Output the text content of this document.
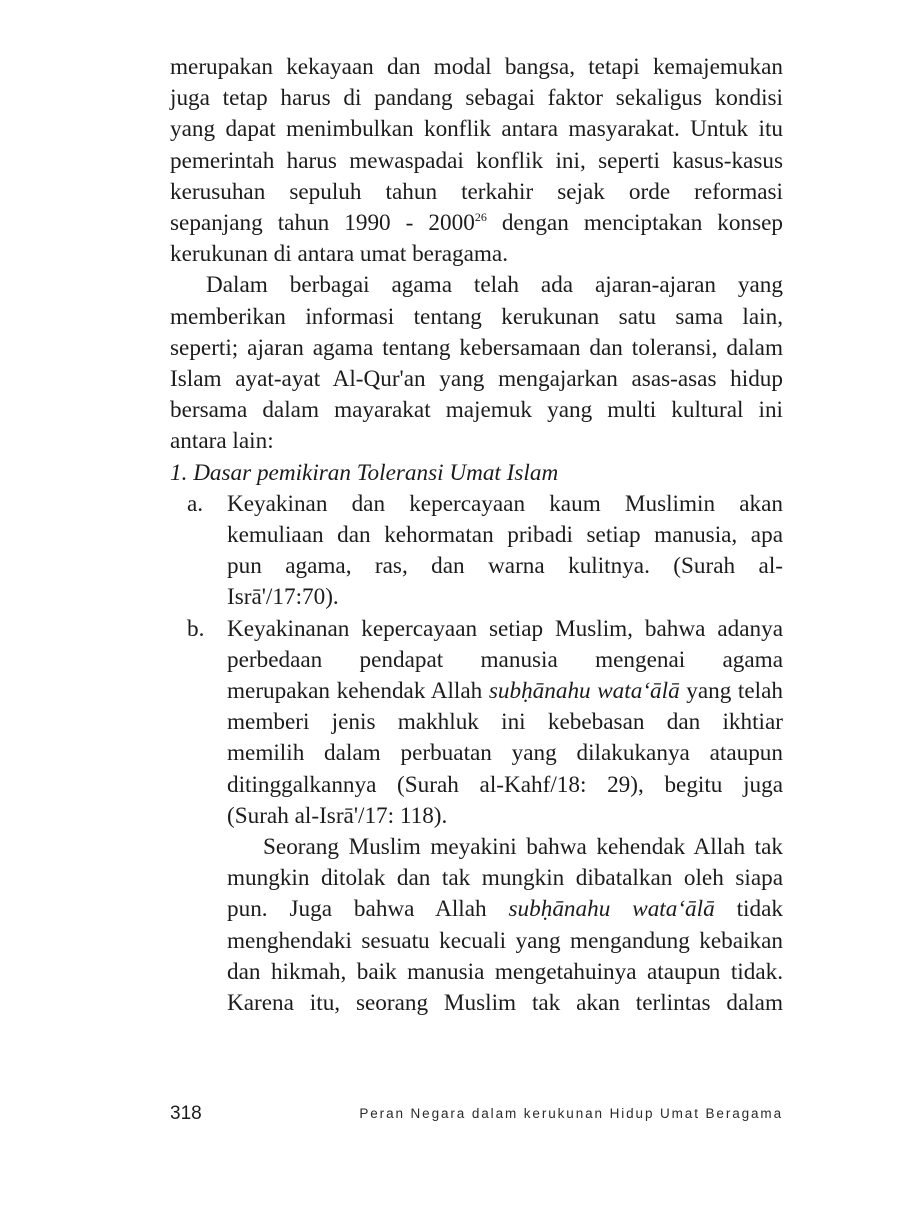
merupakan kekayaan dan modal bangsa, tetapi kemajemukan
juga tetap harus di pandang sebagai faktor sekaligus kondisi
yang dapat menimbulkan konflik antara masyarakat. Untuk itu
pemerintah harus mewaspadai konflik ini, seperti kasus-kasus
kerusuhan sepuluh tahun terkahir sejak orde reformasi
sepanjang tahun 1990 - 2000$^{26}$ dengan menciptakan konsep
kerukunan di antara umat beragama.

Dalam berbagai agama telah ada ajaran-ajaran yang
memberikan informasi tentang kerukunan satu sama lain,
seperti; ajaran agama tentang kebersamaan dan toleransi, dalam
Islam ayat-ayat Al-Qur'an yang mengajarkan asas-asas hidup
bersama dalam mayarakat majemuk yang multi kultural ini
antara lain:

1. Dasar pemikiran Toleransi Umat Islam
a. Keyakinan dan kepercayaan kaum Muslimin akan
kemuliaan dan kehormatan pribadi setiap manusia, apa
pun agama, ras, dan warna kulitnya. (Surah al-
Isrā'/17:70).
b. Keyakinanan kepercayaan setiap Muslim, bahwa adanya
perbedaan pendapat manusia mengenai agama
merupakan kehendak Allah subḥānahu wata‘ālā yang telah
memberi jenis makhluk ini kebebasan dan ikhtiar
memilih dalam perbuatan yang dilakukanya ataupun
ditinggalkannya (Surah al-Kahf/18: 29), begitu juga
(Surah al-Isrā'/17: 118).
Seorang Muslim meyakini bahwa kehendak Allah tak
mungkin ditolak dan tak mungkin dibatalkan oleh siapa
pun. Juga bahwa Allah subḥānahu wata‘ālā tidak
menghendaki sesuatu kecuali yang mengandung kebaikan
dan hikmah, baik manusia mengetahuinya ataupun tidak.
Karena itu, seorang Muslim tak akan terlintas dalam
318	Peran Negara dalam kerukunan Hidup Umat Beragama
